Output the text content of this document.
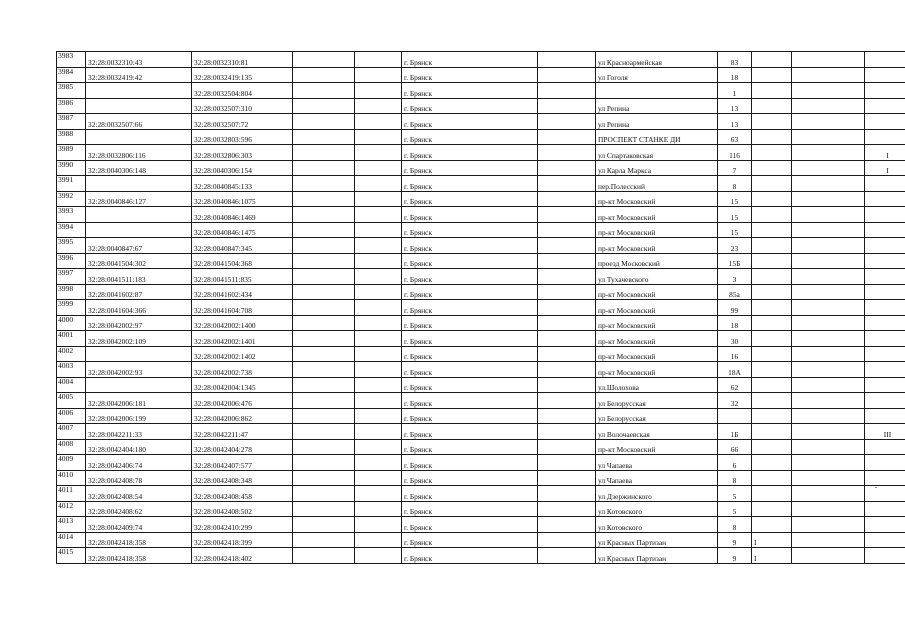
3983	32:28:0032310:43	32:28:0032310:81			г. Брянск		ул Красноармейская	83			
3984	32:28:0032419:42	32:28:0032419:135			г. Брянск		ул Гоголя	18			
3985		32:28:0032504:804			г. Брянск			1			
3986		32:28:0032507:310			г. Брянск		ул Репина	13			
3987	32:28:0032507:66	32:28:0032507:72			г. Брянск		ул Репина	13			
3988		32:28:0032803:596			г. Брянск		ПРОСПЕКТ СТАНКЕ ДИ	63			
3989	32:28:0032806:116	32:28:0032806:303			г. Брянск		ул Спартаковская	116			I
3990	32:28:0040306:148	32:28:0040306:154			г. Брянск		ул Карла Маркса	7			I
3991		32:28:0040845:133			г. Брянск		пер.Полесский	8			
3992	32:28:0040846:127	32:28:0040846:1075			г. Брянск		пр-кт Московский	15			
3993		32:28:0040846:1469			г. Брянск		пр-кт Московский	15			
3994		32:28:0040846:1475			г. Брянск		пр-кт Московский	15			
3995	32:28:0040847:67	32:28:0040847:345			г. Брянск		пр-кт Московский	23			
3996	32:28:0041504:302	32:28:0041504:368			г. Брянск		проезд Московский	15Б			
3997	32:28:0041511:183	32:28:0041511:835			г. Брянск		ул Тухачевского	3			
3998	32:28:0041602:87	32:28:0041602:434			г. Брянск		пр-кт Московский	85а			
3999	32:28:0041604:366	32:28:0041604:708			г. Брянск		пр-кт Московский	99			
4000	32:28:0042002:97	32:28:0042002:1400			г. Брянск		пр-кт Московский	18			
4001	32:28:0042002:109	32:28:0042002:1401			г. Брянск		пр-кт Московский	30			
4002		32:28:0042002:1402			г. Брянск		пр-кт Московский	16			
4003	32:28:0042002:93	32:28:0042002:738			г. Брянск		пр-кт Московский	18А			
4004		32:28:0042004:1345			г. Брянск		ул.Шолохова	62			
4005	32:28:0042006:181	32:28:0042006:476			г. Брянск		ул Белорусская	32			
4006	32:28:0042006:199	32:28:0042006:862			г. Брянск		ул Белорусская				
4007	32:28:0042211:33	32:28:0042211:47			г. Брянск		ул Волочаевская	1Б			III
4008	32:28:0042404:180	32:28:0042404:278			г. Брянск		пр-кт Московский	66			
4009	32:28:0042406:74	32:28:0042407:577			г. Брянск		ул Чапаева	6			
4010	32:28:0042408:78	32:28:0042408:348			г. Брянск		ул Чапаева	8			
4011	32:28:0042408:54	32:28:0042408:458			г. Брянск		ул Дзержинского	5			
4012	32:28:0042408:62	32:28:0042408:502			г. Брянск		ул Котовского	5			
4013	32:28:0042409:74	32:28:0042410:299			г. Брянск		ул Котовского	8			
4014	32:28:0042418:358	32:28:0042418:399			г. Брянск		ул Красных Партизан	9	I		
4015	32:28:0042418:358	32:28:0042418:402			г. Брянск		ул Красных Партизан	9	I		
